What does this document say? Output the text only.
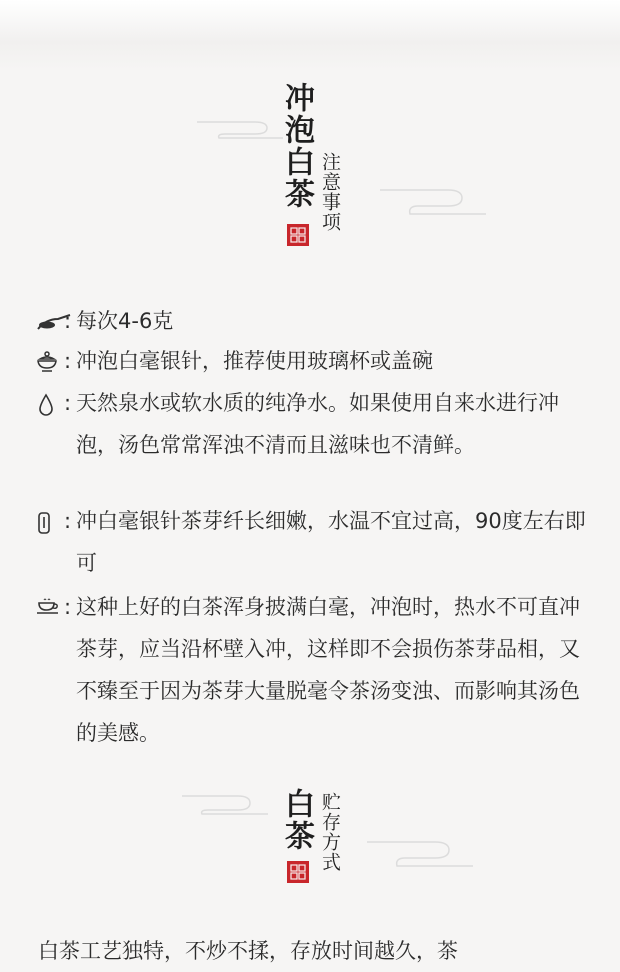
冲泡白茶 注意事项
: 每次4-6克
: 冲泡白毫银针，推荐使用玻璃杯或盖碗
: 天然泉水或软水质的纯净水。如果使用自来水进行冲泡，汤色常常浑浊不清而且滋味也不清鲜。
: 冲白毫银针茶芽纤长细嫩，水温不宜过高，90度左右即可
: 这种上好的白茶浑身披满白毫，冲泡时，热水不可直冲茶芽，应当沿杯壁入冲，这样即不会损伤茶芽品相，又不臻至于因为茶芽大量脱毫令茶汤变浊、而影响其汤色的美感。
白茶 贮存方式
白茶工艺独特，不炒不揉，存放时间越久，茶
